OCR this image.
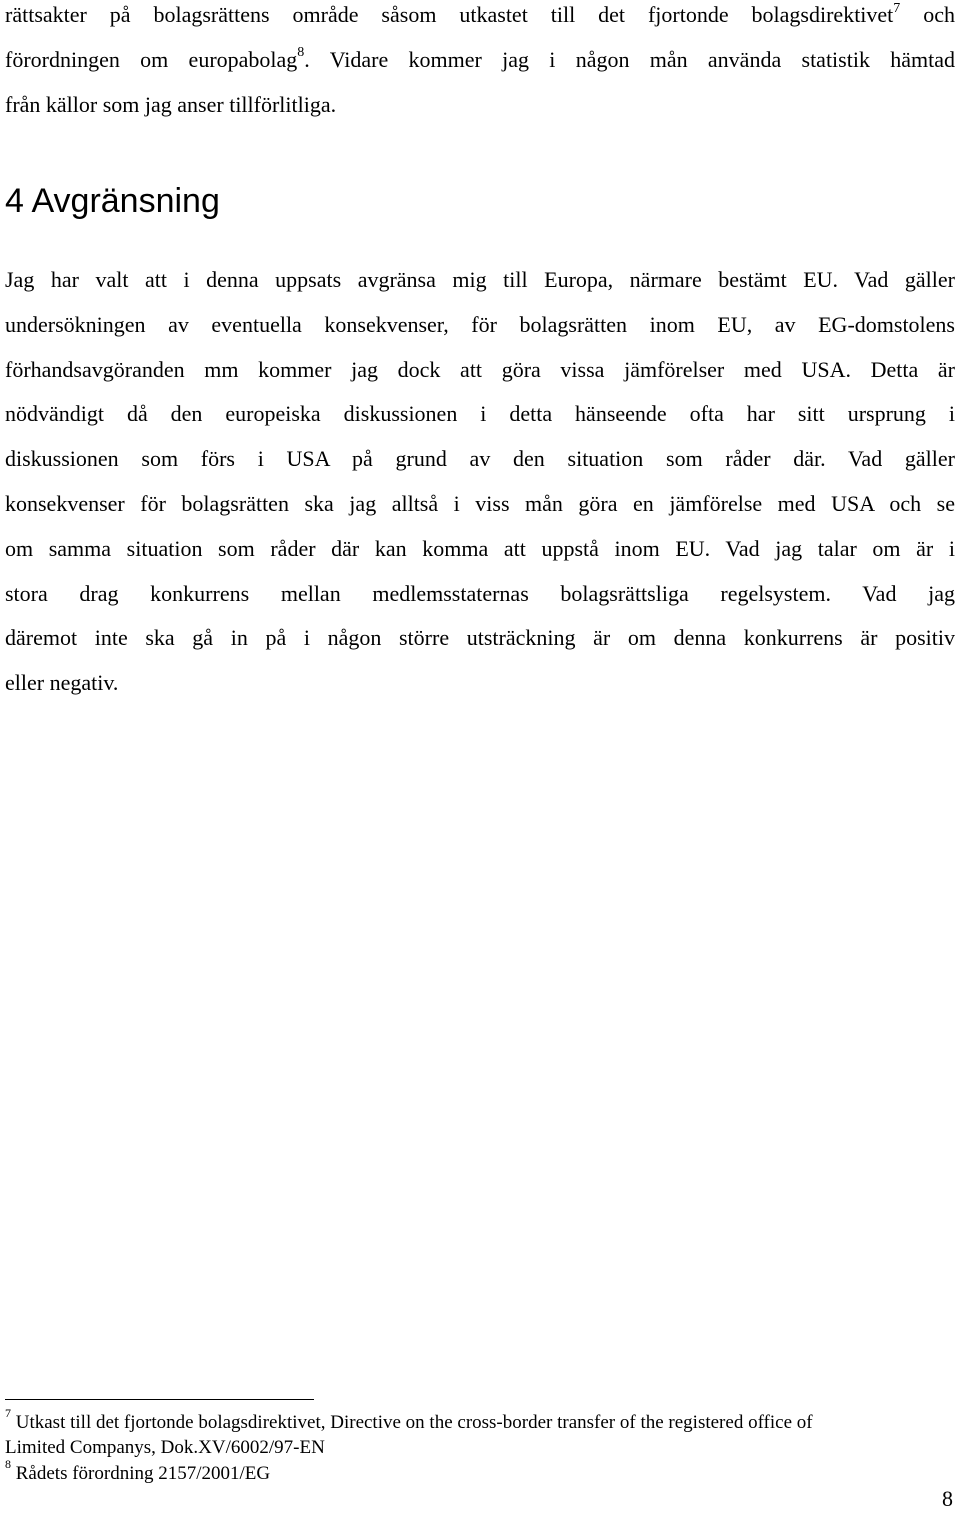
rättsakter på bolagsrättens område såsom utkastet till det fjortonde bolagsdirektivet$^7$ och
förordningen om europabolag$^8$. Vidare kommer jag i någon mån använda statistik hämtad
från källor som jag anser tillförlitliga.

4 Avgränsning

Jag har valt att i denna uppsats avgränsa mig till Europa, närmare bestämt EU. Vad gäller
undersökningen av eventuella konsekvenser, för bolagsrätten inom EU, av EG-domstolens
förhandsavgöranden mm kommer jag dock att göra vissa jämförelser med USA. Detta är
nödvändigt då den europeiska diskussionen i detta hänseende ofta har sitt ursprung i
diskussionen som förs i USA på grund av den situation som råder där. Vad gäller
konsekvenser för bolagsrätten ska jag alltså i viss mån göra en jämförelse med USA och se
om samma situation som råder där kan komma att uppstå inom EU. Vad jag talar om är i
stora drag konkurrens mellan medlemsstaternas bolagsrättsliga regelsystem. Vad jag
däremot inte ska gå in på i någon större utsträckning är om denna konkurrens är positiv
eller negativ.

$^7$ Utkast till det fjortonde bolagsdirektivet, Directive on the cross-border transfer of the registered office of
Limited Companys, Dok.XV/6002/97-EN
$^8$ Rådets förordning 2157/2001/EG

8
